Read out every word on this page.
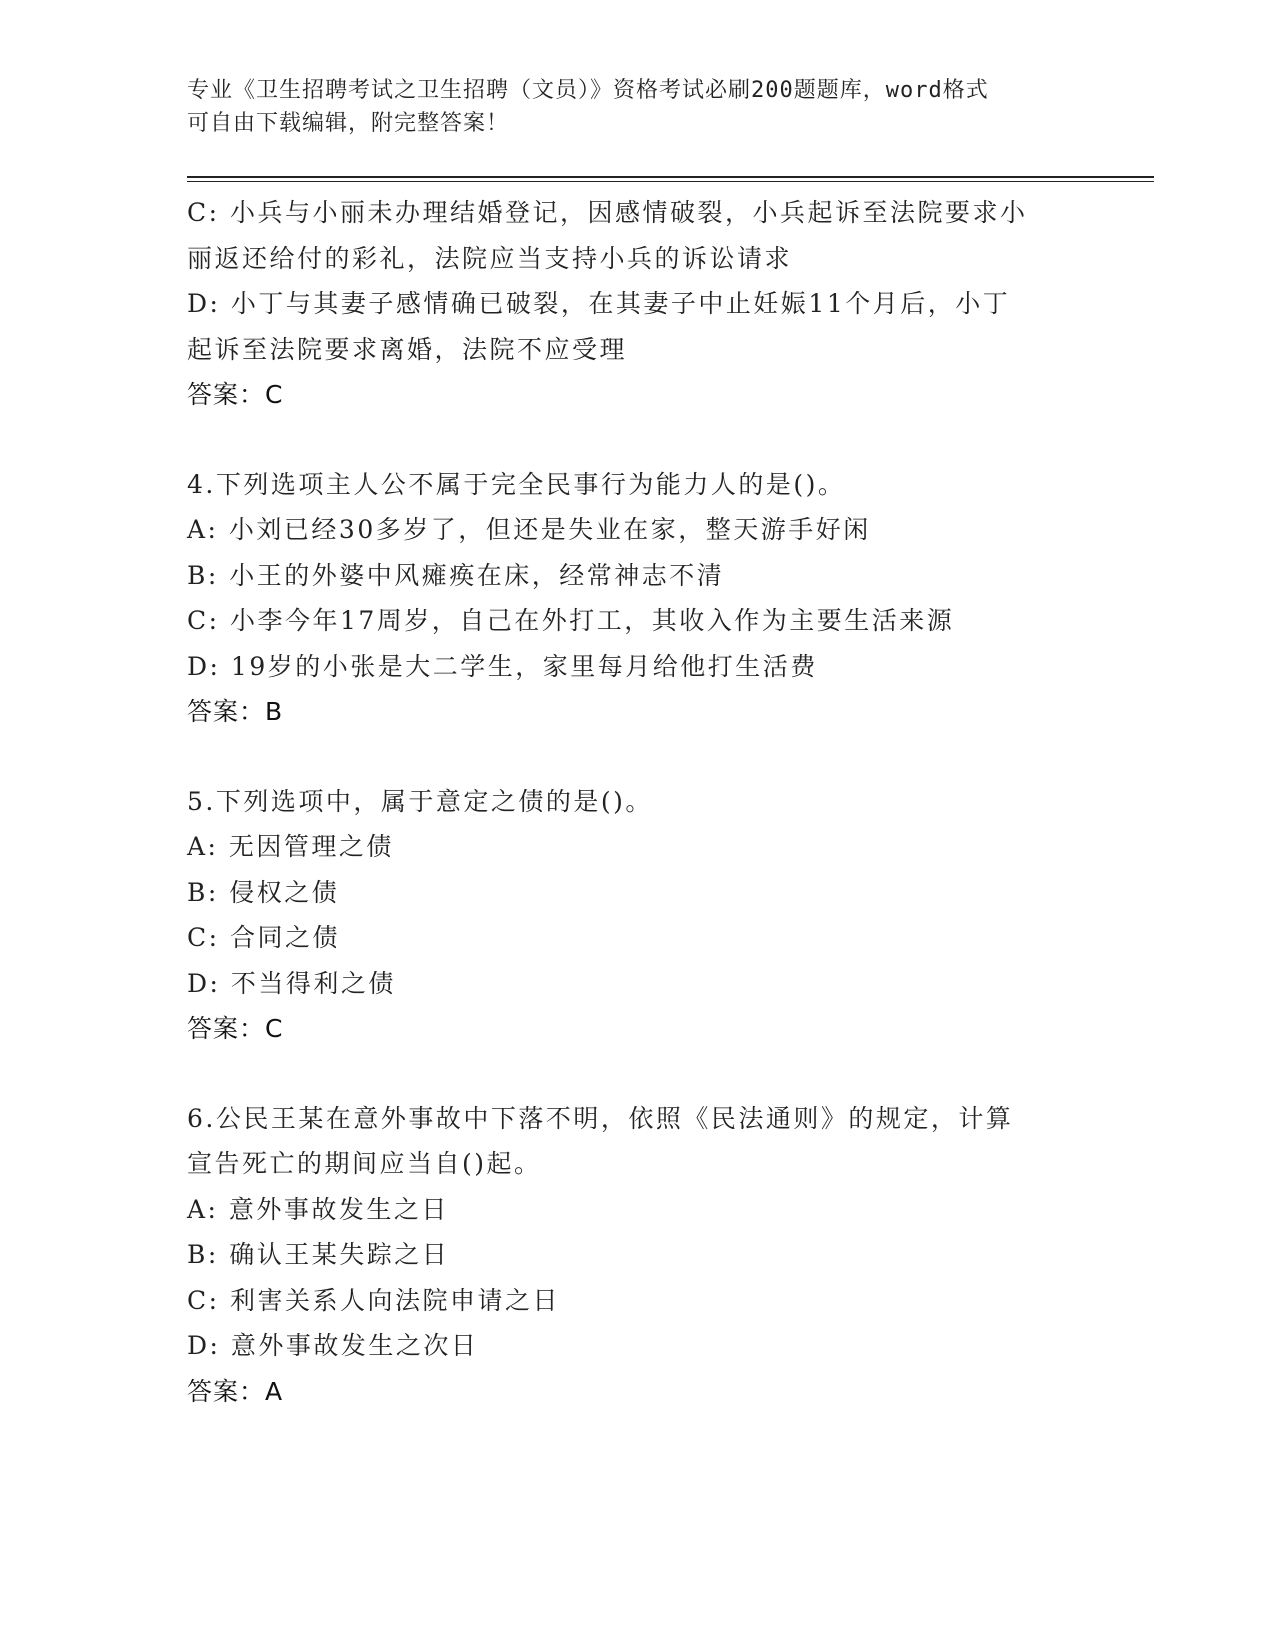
专业《卫生招聘考试之卫生招聘（文员）》资格考试必刷200题题库，word格式
可自由下载编辑，附完整答案！
C: 小兵与小丽未办理结婚登记，因感情破裂，小兵起诉至法院要求小
丽返还给付的彩礼，法院应当支持小兵的诉讼请求
D: 小丁与其妻子感情确已破裂，在其妻子中止妊娠11个月后，小丁
起诉至法院要求离婚，法院不应受理
答案：C
4.下列选项主人公不属于完全民事行为能力人的是()。
A: 小刘已经30多岁了，但还是失业在家，整天游手好闲
B: 小王的外婆中风瘫痪在床，经常神志不清
C: 小李今年17周岁，自己在外打工，其收入作为主要生活来源
D: 19岁的小张是大二学生，家里每月给他打生活费
答案：B
5.下列选项中，属于意定之债的是()。
A: 无因管理之债
B: 侵权之债
C: 合同之债
D: 不当得利之债
答案：C
6.公民王某在意外事故中下落不明，依照《民法通则》的规定，计算
宣告死亡的期间应当自()起。
A: 意外事故发生之日
B: 确认王某失踪之日
C: 利害关系人向法院申请之日
D: 意外事故发生之次日
答案：A
